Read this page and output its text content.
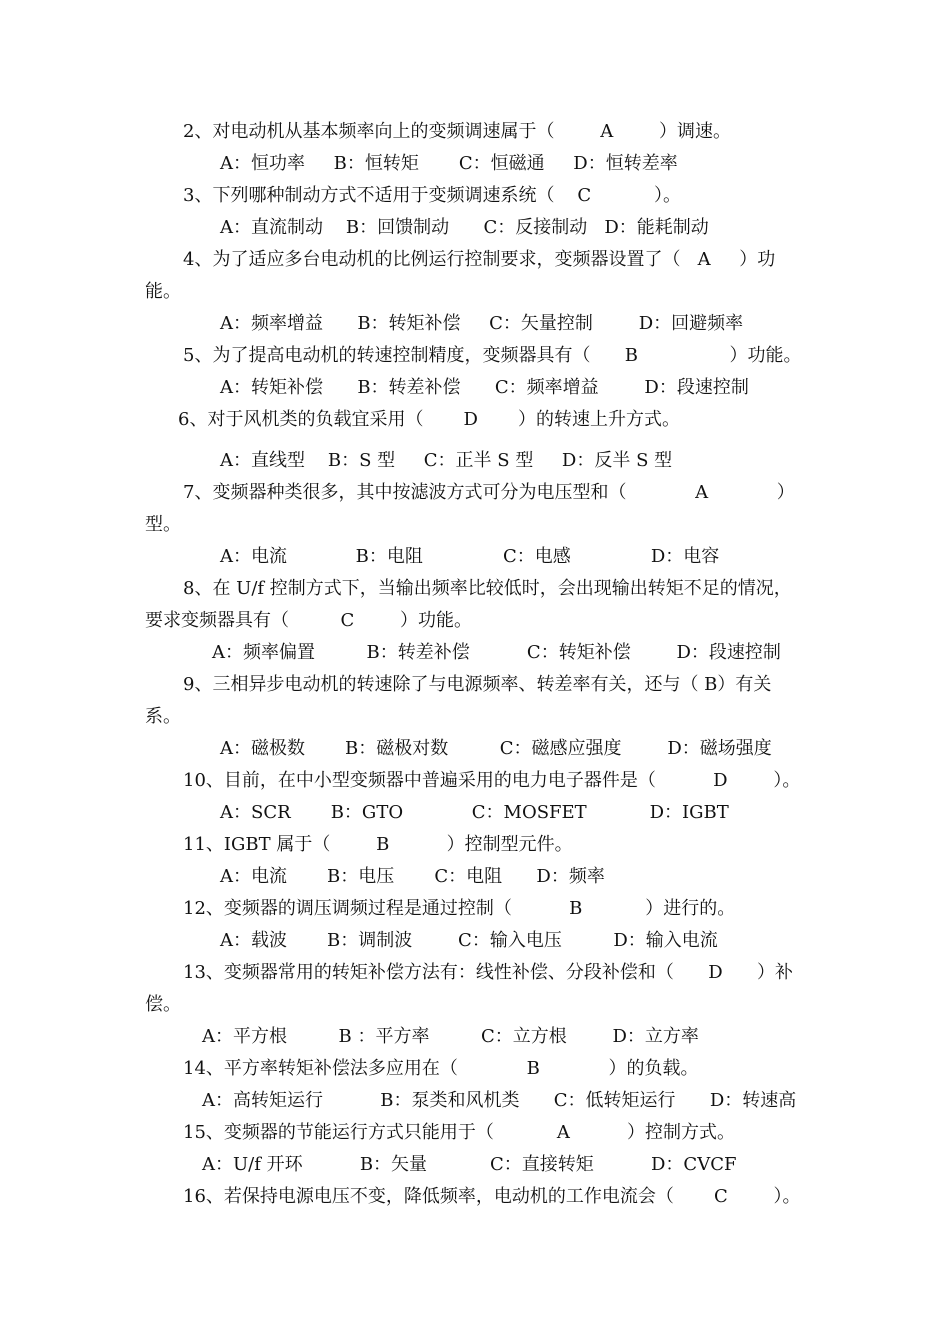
2、对电动机从基本频率向上的变频调速属于（        A        ）调速。
A：恒功率     B：恒转矩       C：恒磁通     D：恒转差率
3、下列哪种制动方式不适用于变频调速系统（    C           ）。
A：直流制动    B：回馈制动      C：反接制动   D：能耗制动
4、为了适应多台电动机的比例运行控制要求，变频器设置了（   A     ）功
能。
A：频率增益      B：转矩补偿     C：矢量控制        D：回避频率
5、为了提高电动机的转速控制精度，变频器具有（      B                ）功能。
A：转矩补偿      B：转差补偿      C：频率增益        D：段速控制
6、对于风机类的负载宜采用（       D       ）的转速上升方式。
A：直线型    B：S 型     C：正半 S 型     D：反半 S 型
7、变频器种类很多，其中按滤波方式可分为电压型和（            A            ）
型。
A：电流            B：电阻              C：电感              D：电容
8、在 U/f 控制方式下，当输出频率比较低时，会出现输出转矩不足的情况，
要求变频器具有（         C        ）功能。
A：频率偏置         B：转差补偿          C：转矩补偿        D：段速控制
9、三相异步电动机的转速除了与电源频率、转差率有关，还与（ B）有关
系。
A：磁极数       B：磁极对数         C：磁感应强度        D：磁场强度
10、目前，在中小型变频器中普遍采用的电力电子器件是（          D        ）。
A：SCR       B：GTO            C：MOSFET           D：IGBT
11、IGBT 属于（        B          ）控制型元件。
A：电流       B：电压       C：电阻      D：频率
12、变频器的调压调频过程是通过控制（          B           ）进行的。
A：载波       B：调制波        C：输入电压         D：输入电流
13、变频器常用的转矩补偿方法有：线性补偿、分段补偿和（      D      ）补
偿。
A：平方根         B ：平方率         C：立方根        D：立方率
14、平方率转矩补偿法多应用在（            B            ）的负载。
A：高转矩运行          B：泵类和风机类      C：低转矩运行      D：转速高
15、变频器的节能运行方式只能用于（           A          ）控制方式。
A：U/f 开环          B：矢量           C：直接转矩          D：CVCF
16、若保持电源电压不变，降低频率，电动机的工作电流会（       C        ）。
